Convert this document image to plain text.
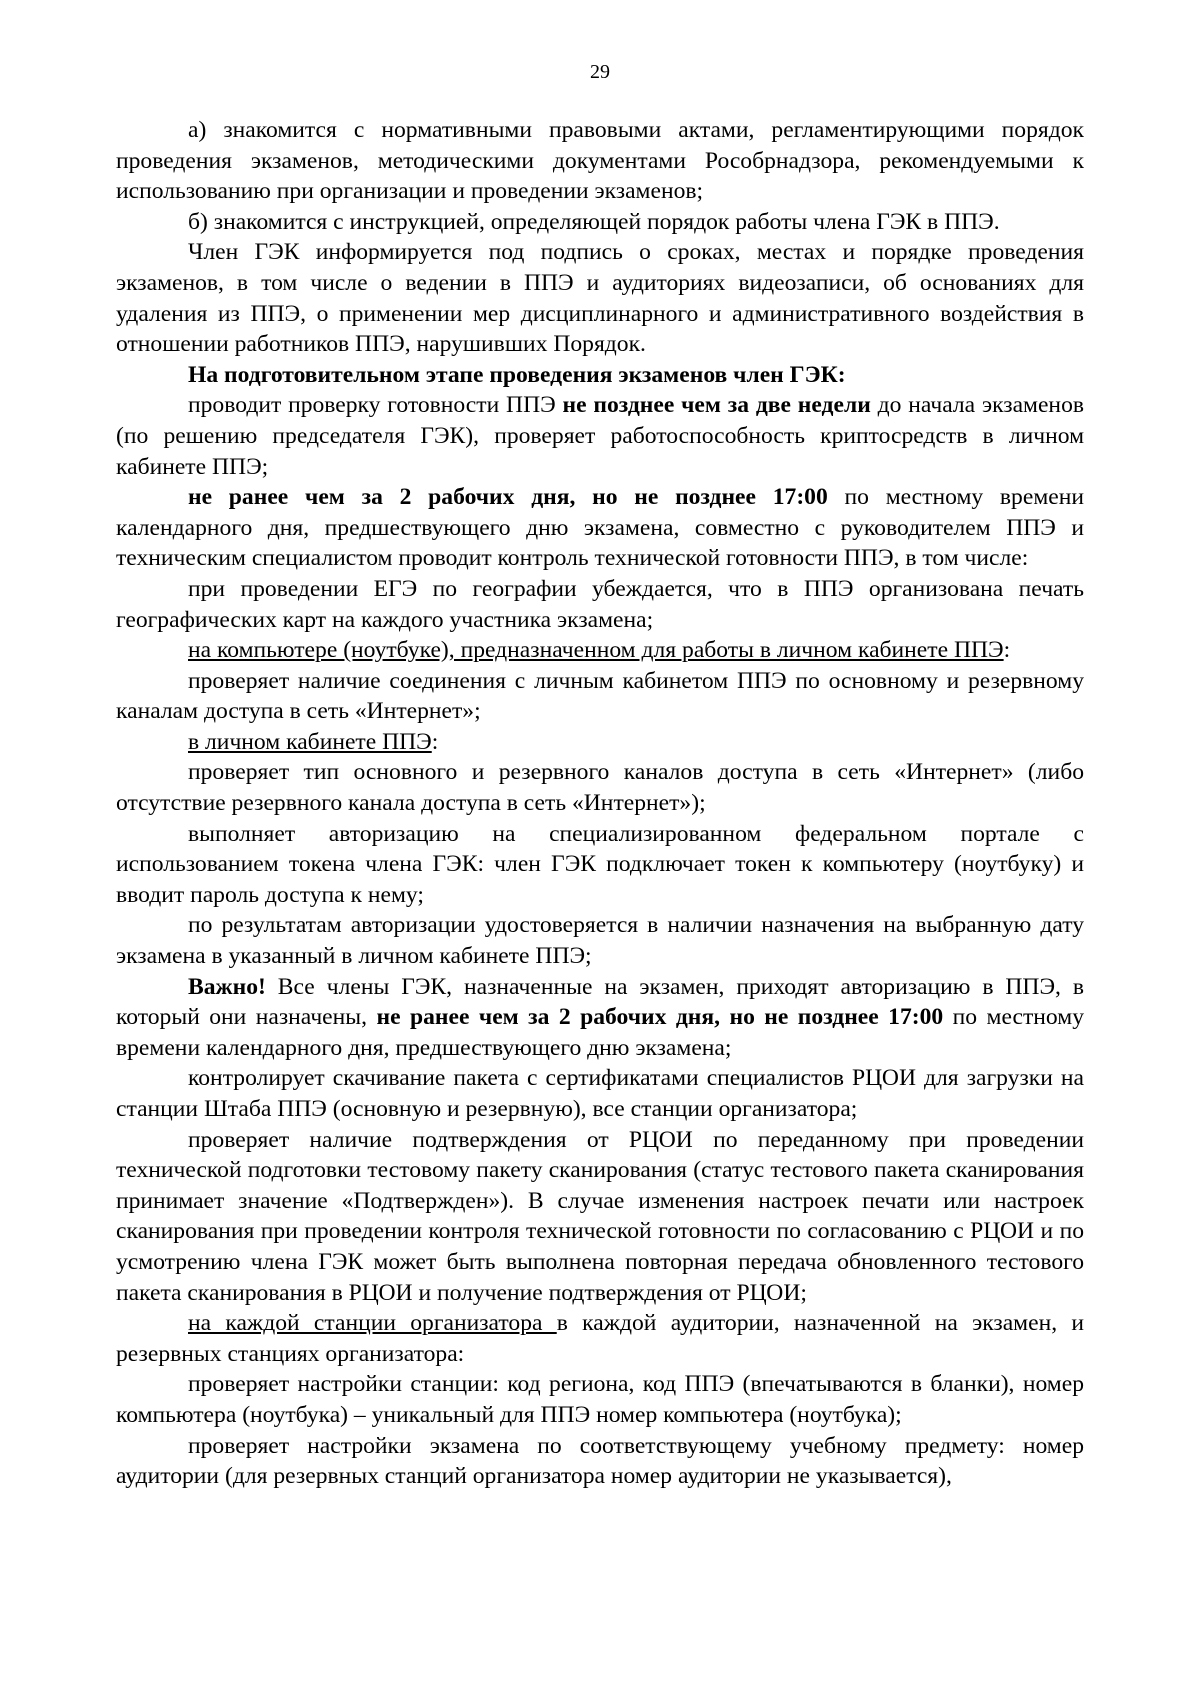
29

а) знакомится с нормативными правовыми актами, регламентирующими порядок проведения экзаменов, методическими документами Рособрнадзора, рекомендуемыми к использованию при организации и проведении экзаменов;

б) знакомится с инструкцией, определяющей порядок работы члена ГЭК в ППЭ.

Член ГЭК информируется под подпись о сроках, местах и порядке проведения экзаменов, в том числе о ведении в ППЭ и аудиториях видеозаписи, об основаниях для удаления из ППЭ, о применении мер дисциплинарного и административного воздействия в отношении работников ППЭ, нарушивших Порядок.

На подготовительном этапе проведения экзаменов член ГЭК:

проводит проверку готовности ППЭ не позднее чем за две недели до начала экзаменов (по решению председателя ГЭК), проверяет работоспособность криптосредств в личном кабинете ППЭ;

не ранее чем за 2 рабочих дня, но не позднее 17:00 по местному времени календарного дня, предшествующего дню экзамена, совместно с руководителем ППЭ и техническим специалистом проводит контроль технической готовности ППЭ, в том числе:

при проведении ЕГЭ по географии убеждается, что в ППЭ организована печать географических карт на каждого участника экзамена;

на компьютере (ноутбуке), предназначенном для работы в личном кабинете ППЭ:

проверяет наличие соединения с личным кабинетом ППЭ по основному и резервному каналам доступа в сеть «Интернет»;

в личном кабинете ППЭ:

проверяет тип основного и резервного каналов доступа в сеть «Интернет» (либо отсутствие резервного канала доступа в сеть «Интернет»);

выполняет авторизацию на специализированном федеральном портале с использованием токена члена ГЭК: член ГЭК подключает токен к компьютеру (ноутбуку) и вводит пароль доступа к нему;

по результатам авторизации удостоверяется в наличии назначения на выбранную дату экзамена в указанный в личном кабинете ППЭ;

Важно! Все члены ГЭК, назначенные на экзамен, приходят авторизацию в ППЭ, в который они назначены, не ранее чем за 2 рабочих дня, но не позднее 17:00 по местному времени календарного дня, предшествующего дню экзамена;

контролирует скачивание пакета с сертификатами специалистов РЦОИ для загрузки на станции Штаба ППЭ (основную и резервную), все станции организатора;

проверяет наличие подтверждения от РЦОИ по переданному при проведении технической подготовки тестовому пакету сканирования (статус тестового пакета сканирования принимает значение «Подтвержден»). В случае изменения настроек печати или настроек сканирования при проведении контроля технической готовности по согласованию с РЦОИ и по усмотрению члена ГЭК может быть выполнена повторная передача обновленного тестового пакета сканирования в РЦОИ и получение подтверждения от РЦОИ;

на каждой станции организатора в каждой аудитории, назначенной на экзамен, и резервных станциях организатора:

проверяет настройки станции: код региона, код ППЭ (впечатываются в бланки), номер компьютера (ноутбука) – уникальный для ППЭ номер компьютера (ноутбука);

проверяет настройки экзамена по соответствующему учебному предмету: номер аудитории (для резервных станций организатора номер аудитории не указывается),
